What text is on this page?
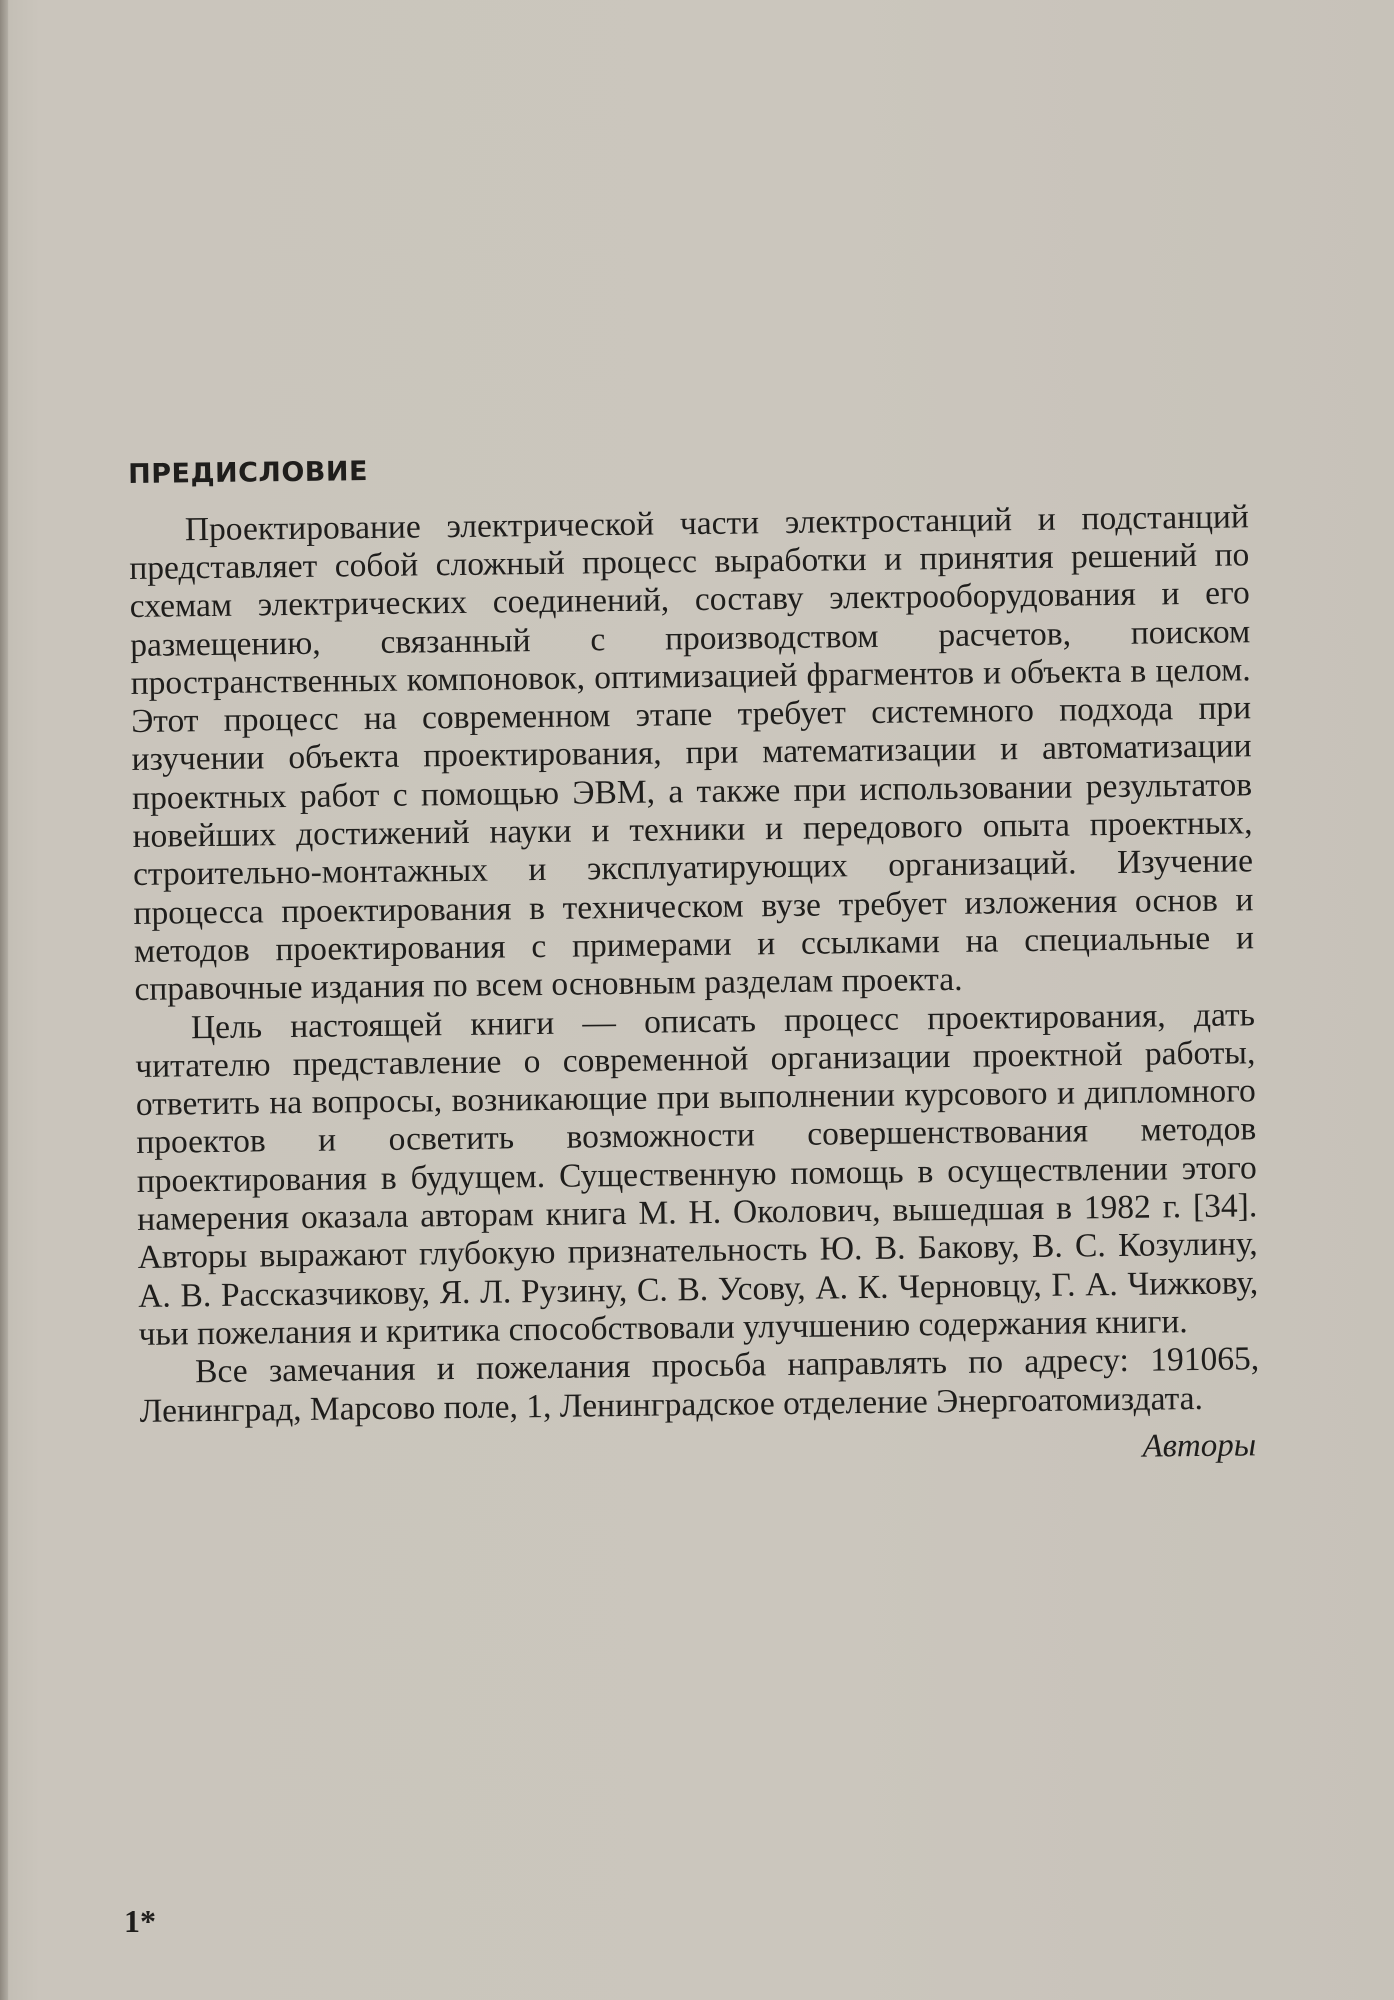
ПРЕДИСЛОВИЕ

Проектирование электрической части электростанций и подстанций представляет собой сложный процесс выработки и принятия решений по схемам электрических соединений, составу электрооборудования и его размещению, связанный с производством расчетов, поиском пространственных компоновок, оптимизацией фрагментов и объекта в целом. Этот процесс на современном этапе требует системного подхода при изучении объекта проектирования, при математизации и автоматизации проектных работ с помощью ЭВМ, а также при использовании результатов новейших достижений науки и техники и передового опыта проектных, строительно-монтажных и эксплуатирующих организаций. Изучение процесса проектирования в техническом вузе требует изложения основ и методов проектирования с примерами и ссылками на специальные и справочные издания по всем основным разделам проекта.

Цель настоящей книги — описать процесс проектирования, дать читателю представление о современной организации проектной работы, ответить на вопросы, возникающие при выполнении курсового и дипломного проектов и осветить возможности совершенствования методов проектирования в будущем. Существенную помощь в осуществлении этого намерения оказала авторам книга М. Н. Околович, вышедшая в 1982 г. [34]. Авторы выражают глубокую признательность Ю. В. Бакову, В. С. Козулину, А. В. Рассказчикову, Я. Л. Рузину, С. В. Усову, А. К. Черновцу, Г. А. Чижкову, чьи пожелания и критика способствовали улучшению содержания книги.

Все замечания и пожелания просьба направлять по адресу: 191065, Ленинград, Марсово поле, 1, Ленинградское отделение Энергоатомиздата.

Авторы
1*
